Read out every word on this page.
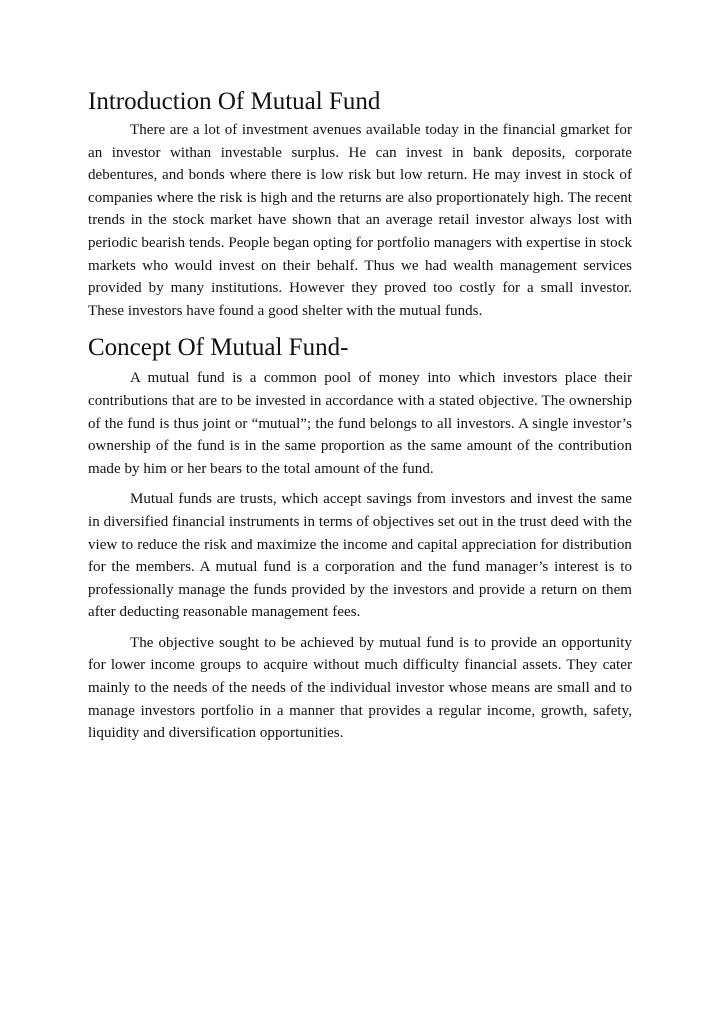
Introduction Of Mutual Fund

There are a lot of investment avenues available today in the financial gmarket for an investor withan investable surplus. He can invest in bank deposits, corporate debentures, and bonds where there is low risk but low return. He may invest in stock of companies where the risk is high and the returns are also proportionately high. The recent trends in the stock market have shown that an average retail investor always lost with periodic bearish tends. People began opting for portfolio managers with expertise in stock markets who would invest on their behalf. Thus we had wealth management services provided by many institutions. However they proved too costly for a small investor. These investors have found a good shelter with the mutual funds.

Concept Of Mutual Fund-

A mutual fund is a common pool of money into which investors place their contributions that are to be invested in accordance with a stated objective. The ownership of the fund is thus joint or “mutual”; the fund belongs to all investors. A single investor’s ownership of the fund is in the same proportion as the same amount of the contribution made by him or her bears to the total amount of the fund.

Mutual funds are trusts, which accept savings from investors and invest the same in diversified financial instruments in terms of objectives set out in the trust deed with the view to reduce the risk and maximize the income and capital appreciation for distribution for the members. A mutual fund is a corporation and the fund manager’s interest is to professionally manage the funds provided by the investors and provide a return on them after deducting reasonable management fees.

The objective sought to be achieved by mutual fund is to provide an opportunity for lower income groups to acquire without much difficulty financial assets. They cater mainly to the needs of the needs of the individual investor whose means are small and to manage investors portfolio in a manner that provides a regular income, growth, safety, liquidity and diversification opportunities.
